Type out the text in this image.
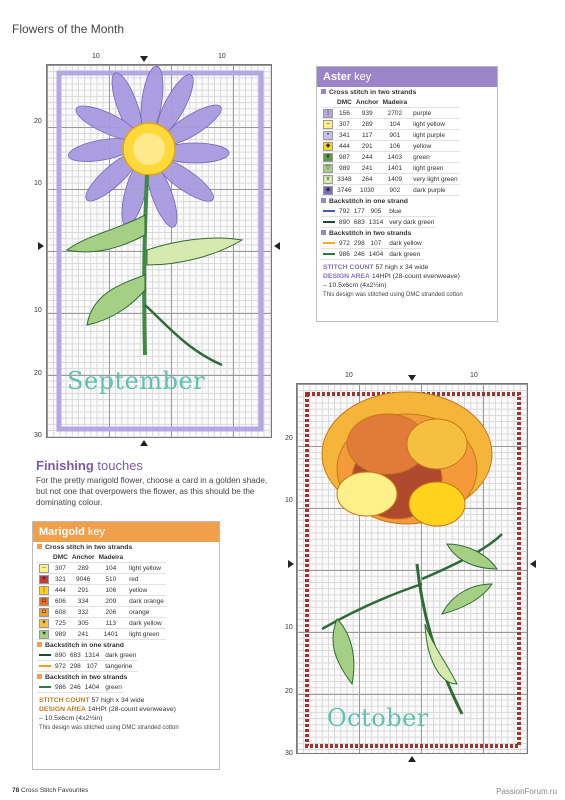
Flowers of the Month
10	10
20
10
10
20
30
September
Aster key
Cross stitch in two strands
	DMC	Anchor	Madeira	
|	156	939	2702	purple
–	307	289	104	light yellow
•	341	117	901	light purple
◆	444	291	106	yellow
▼	987	244	1403	green
▽	989	241	1401	light green
v	3348	264	1409	very light green
◆	3746	1030	902	dark purple
Backstitch in one strand
	792	177	905	blue
	890	683	1314	very dark green
Backstitch in two strands
	972	298	107	dark yellow
	986	246	1404	dark green
STITCH COUNT 57 high x 34 wide
DESIGN AREA 14HPI (28-count evenweave)
– 10.5x6cm (4x2½in)
This design was stitched using DMC stranded cotton
Finishing touches
For the pretty marigold flower, choose a card in a golden shade, but not one that overpowers the flower, as this should be the dominating colour.
10	10
20
10
10
20
30
October
Marigold key
Cross stitch in two strands
	DMC	Anchor	Madeira	
–	307	289	104	light yellow
♥	321	9046	510	red
|	444	291	106	yellow
◘	606	334	209	dark orange
◘	608	332	206	orange
✦	725	305	113	dark yellow
♥	989	241	1401	light green
Backstitch in one strand
	890	683	1314	dark green
	972	298	107	tangerine
Backstitch in two strands
	986	246	1404	green
STITCH COUNT 57 high x 34 wide
DESIGN AREA 14HPI (28-count evenweave)
– 10.5x6cm (4x2½in)
This design was stitched using DMC stranded cotton
78 Cross Stitch Favourites	PassionForum.ru
